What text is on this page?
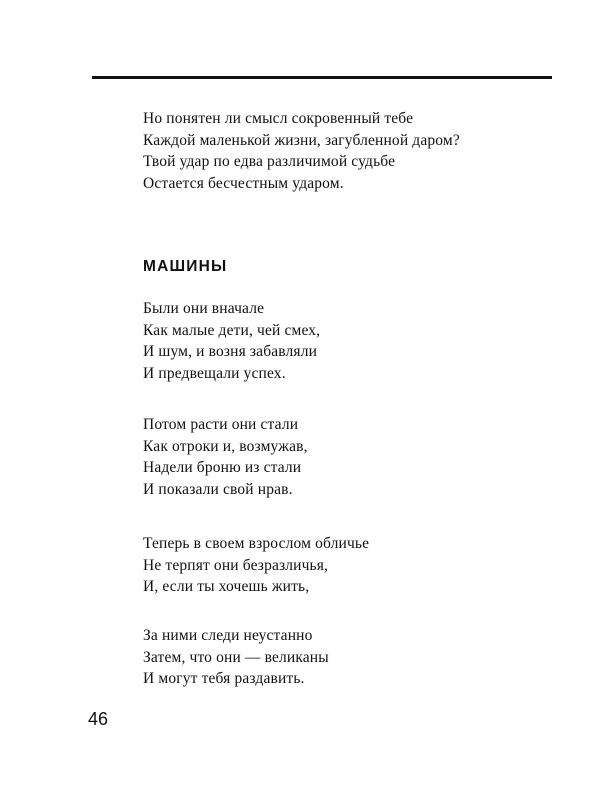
Но понятен ли смысл сокровенный тебе
Каждой маленькой жизни, загубленной даром?
Твой удар по едва различимой судьбе
Остается бесчестным ударом.
МАШИНЫ
Были они вначале
Как малые дети, чей смех,
И шум, и возня забавляли
И предвещали успех.
Потом расти они стали
Как отроки и, возмужав,
Надели броню из стали
И показали свой нрав.
Теперь в своем взрослом обличье
Не терпят они безразличья,
И, если ты хочешь жить,
За ними следи неустанно
Затем, что они — великаны
И могут тебя раздавить.
46
